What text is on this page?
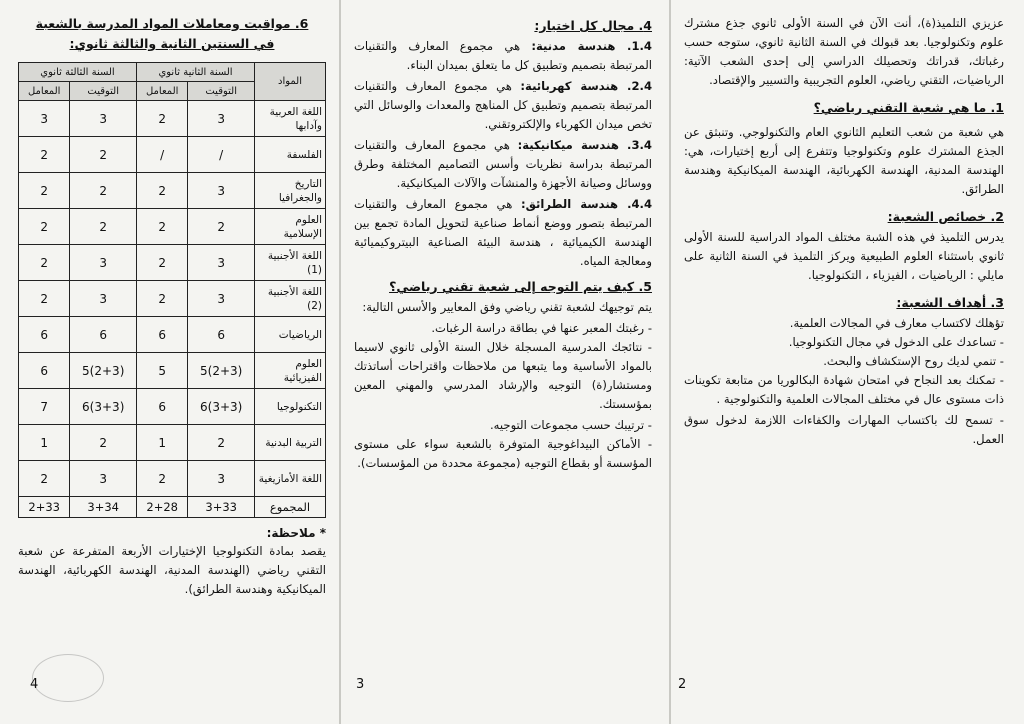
6. مواقيت ومعاملات المواد المدرسة بالشعبة
في السنتين الثانية والثالثة ثانوي:
المواد	السنة الثانية ثانوي		السنة الثالثة ثانوي	
	التوقيت	المعامل	التوقيت	المعامل
اللغة العربية وآدابها	3	2	3	3
الفلسفة	/	/	2	2
التاريخ والجغرافيا	3	2	2	2
العلوم الإسلامية	2	2	2	2
اللغة الأجنبية (1)	3	2	3	2
اللغة الأجنبية (2)	3	2	3	2
الرياضيات	6	6	6	6
العلوم الفيزيائية	(2+3)5	5	(2+3)5	6
التكنولوجيا	(3+3)6	6	(3+3)6	7
التربية البدنية	2	1	2	1
اللغة الأمازيغية	3	2	3	2
المجموع	3+33	2+28	3+34	2+33
* ملاحظة:
يقصد بمادة التكنولوجيا الإختيارات الأربعة المتفرعة عن شعبة التقني رياضي (الهندسة المدنية، الهندسة الكهربائية، الهندسة الميكانيكية وهندسة الطرائق).
4
4. مجال كل اختيار:
1.4. هندسة مدنية: هي مجموع المعارف والتقنيات المرتبطة بتصميم وتطبيق كل ما يتعلق بميدان البناء.
2.4. هندسة كهربائية: هي مجموع المعارف والتقنيات المرتبطة بتصميم وتطبيق كل المناهج والمعدات والوسائل التي تخص ميدان الكهرباء والإلكتروتقني.
3.4. هندسة ميكانيكية: هي مجموع المعارف والتقنيات المرتبطة بدراسة نظريات وأسس التصاميم المختلفة وطرق ووسائل وصيانة الأجهزة والمنشآت والآلات الميكانيكية.
4.4. هندسة الطرائق: هي مجموع المعارف والتقنيات المرتبطة بتصور ووضع أنماط صناعية لتحويل المادة تجمع بين الهندسة الكيميائية ، هندسة البيئة الصناعية البيتروكيميائية ومعالجة المياه.
5. كيف يتم التوجه إلى شعبة تقني رياضي؟
يتم توجيهك لشعبة تقني رياضي وفق المعايير والأسس التالية:
- رغبتك المعبر عنها في بطاقة دراسة الرغبات.
- نتائجك المدرسية المسجلة خلال السنة الأولى ثانوي لاسيما بالمواد الأساسية وما يتبعها من ملاحظات واقتراحات أساتذتك ومستشار(ة) التوجيه والإرشاد المدرسي والمهني المعين بمؤسستك.
- ترتيبك حسب مجموعات التوجيه.
- الأماكن البيداغوجية المتوفرة بالشعبة سواء على مستوى المؤسسة أو بقطاع التوجيه (مجموعة محددة من المؤسسات).
3
عزيزي التلميذ(ة)، أنت الآن في السنة الأولى ثانوي جذع مشترك علوم وتكنولوجيا. بعد قبولك في السنة الثانية ثانوي، ستوجه حسب رغباتك، قدراتك وتحصيلك الدراسي إلى إحدى الشعب الآتية: الرياضيات، التقني رياضي، العلوم التجريبية والتسيير والإقتصاد.
1. ما هي شعبة التقني رياضي؟
هي شعبة من شعب التعليم الثانوي العام والتكنولوجي. وتنبثق عن الجذع المشترك علوم وتكنولوجيا وتتفرع إلى أربع إختيارات، هي: الهندسة المدنية، الهندسة الكهربائية، الهندسة الميكانيكية وهندسة الطرائق.
2. خصائص الشعبة:
يدرس التلميذ في هذه الشبة مختلف المواد الدراسية للسنة الأولى ثانوي باستثناء العلوم الطبيعية ويركز التلميذ في السنة الثانية على مايلي : الرياضيات ، الفيزياء ، التكنولوجيا.
3. أهداف الشعبة:
تؤهلك لاكتساب معارف في المجالات العلمية.
- تساعدك على الدخول في مجال التكنولوجيا.
- تنمي لديك روح الإستكشاف والبحث.
- تمكنك بعد النجاح في امتحان شهادة البكالوريا من متابعة تكوينات ذات مستوى عال في مختلف المجالات العلمية والتكنولوجية .
- تسمح لك باكتساب المهارات والكفاءات اللازمة لدخول سوق العمل.
2
